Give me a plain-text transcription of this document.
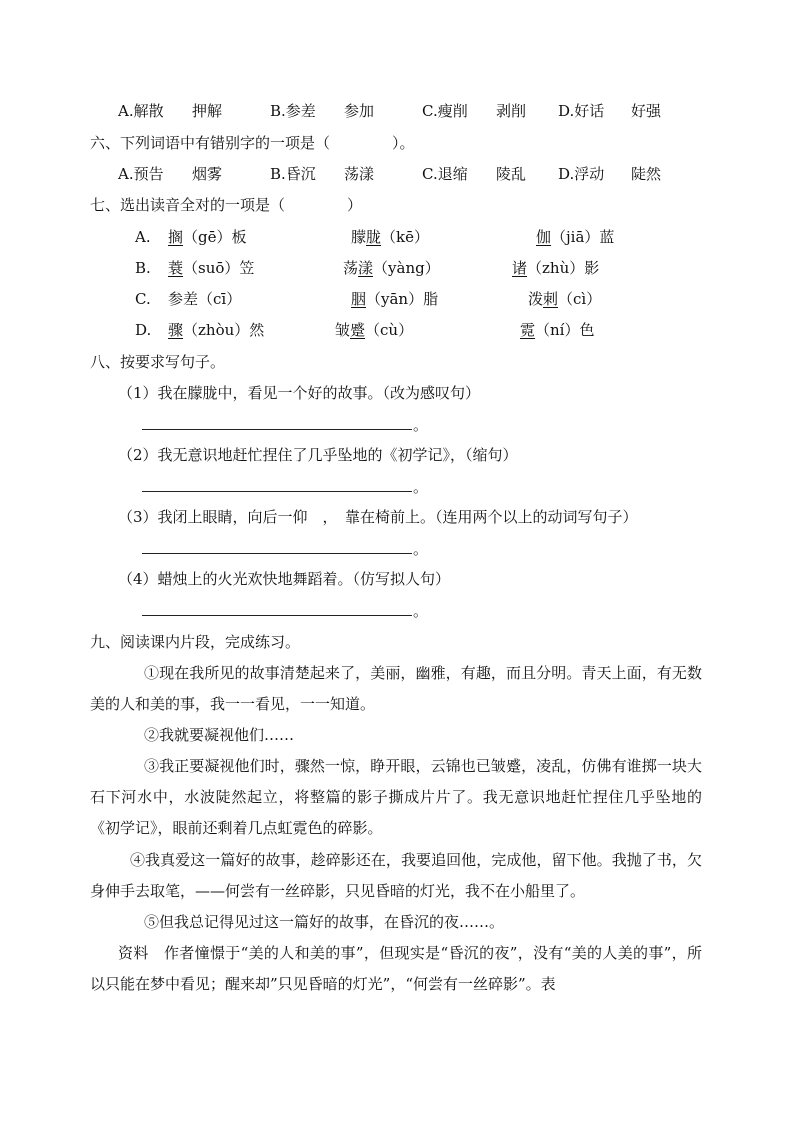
A.解散 押解	B.参差 参加	C.瘦削 剥削 D.好话 好强
六、下列词语中有错别字的一项是（	）。
A.预告 烟雾	B.昏沉 荡漾	C.退缩 陵乱 D.浮动 陡然
七、选出读音全对的一项是（	）
A. 搁（gē）板	朦胧（kē）	伽（jiā）蓝
B. 蓑（suō）笠	荡漾（yàng）	诸（zhù）影
C. 参差（cī）	胭（yān）脂	泼刺（cì）
D. 骤（zhòu）然	皱蹙（cù）	霓（ní）色
八、按要求写句子。
（1）我在朦胧中，看见一个好的故事。（改为感叹句）
。
（2）我无意识地赶忙捏住了几乎坠地的《初学记》，（缩句）
。
（3）我闭上眼睛，向后一仰　，　靠在椅前上。（连用两个以上的动词写句子）
。
（4）蜡烛上的火光欢快地舞蹈着。（仿写拟人句）
。
九、阅读课内片段，完成练习。
①现在我所见的故事清楚起来了，美丽，幽雅，有趣，而且分明。青天上面，有无数美的人和美的事，我一一看见，一一知道。
②我就要凝视他们……
③我正要凝视他们时，骤然一惊，睁开眼，云锦也已皱蹙，凌乱，仿佛有谁掷一块大石下河水中，水波陡然起立，将整篇的影子撕成片片了。我无意识地赶忙捏住几乎坠地的《初学记》，眼前还剩着几点虹霓色的碎影。
④我真爱这一篇好的故事，趁碎影还在，我要追回他，完成他，留下他。我抛了书，欠身伸手去取笔，——何尝有一丝碎影，只见昏暗的灯光，我不在小船里了。
⑤但我总记得见过这一篇好的故事，在昏沉的夜……。
资料　 作者憧憬于“美的人和美的事”，但现实是“昏沉的夜”，没有“美的人美的事”，所以只能在梦中看见；醒来却”只见昏暗的灯光”，“何尝有一丝碎影”。表
